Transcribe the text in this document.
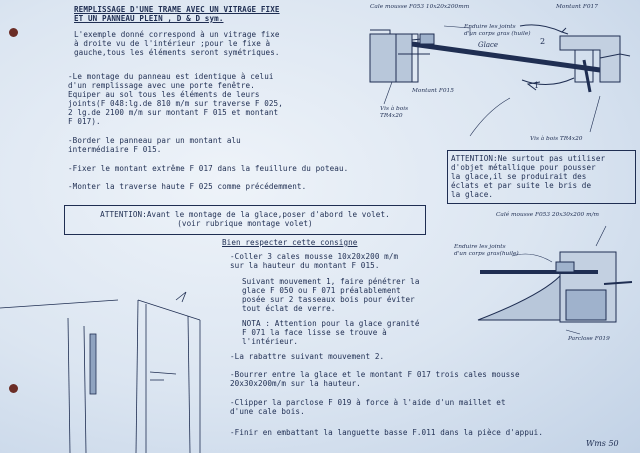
REMPLISSAGE D'UNE TRAME AVEC UN VITRAGE FIXE
ET UN PANNEAU PLEIN , D & D sym.
L'exemple donné correspond à un vitrage fixe
à droite vu de l'intérieur ;pour le fixe à
gauche,tous les éléments seront symétriques.
-Le montage du panneau est identique à celui
d'un remplissage avec une porte fenêtre.
Equiper au sol tous les éléments de leurs
joints(F 048:lg.de 810 m/m sur traverse F 025,
2 lg.de 2100 m/m sur montant F 015 et montant
F 017).
-Border le panneau par un montant alu
intermédiaire F 015.
-Fixer le montant extrême F 017 dans la feuillure du poteau.
-Monter la traverse haute F 025 comme précédemment.
ATTENTION:Avant le montage de la glace,poser d'abord le volet.
(voir rubrique montage volet)
ATTENTION:Ne surtout pas utiliser
d'objet métallique pour pousser
la glace,il se produirait des
éclats et par suite le bris de
la glace.
Bien respecter cette consigne
-Coller 3 cales mousse 10x20x200 m/m
sur la hauteur du montant F 015.
Suivant mouvement 1, faire pénétrer la
glace F 050 ou F 071 préalablement
posée sur 2 tasseaux bois pour éviter
tout éclat de verre.
NOTA : Attention pour la glace granité
F 071 la face lisse se trouve à
l'intérieur.
-La rabattre suivant mouvement 2.
-Bourrer entre la glace et le montant F 017 trois cales mousse
20x30x200m/m sur la hauteur.
-Clipper la parclose F 019 à force à l'aide d'un maillet et
d'une cale bois.
-Finir en embattant la languette basse F.011 dans la pièce d'appui.
Cale mousse F053 10x20x200mm	Montant F017
Enduire les joints
d'un corps gras (huile)
Glace	2
1
Montant F015
Vis à bois
TR4x20
Vis à bois TR4x20
Calé mousse F053 20x30x200 m/m
Enduire les joints
d'un corps gras(huile)
Parclose F019
Wms 50
